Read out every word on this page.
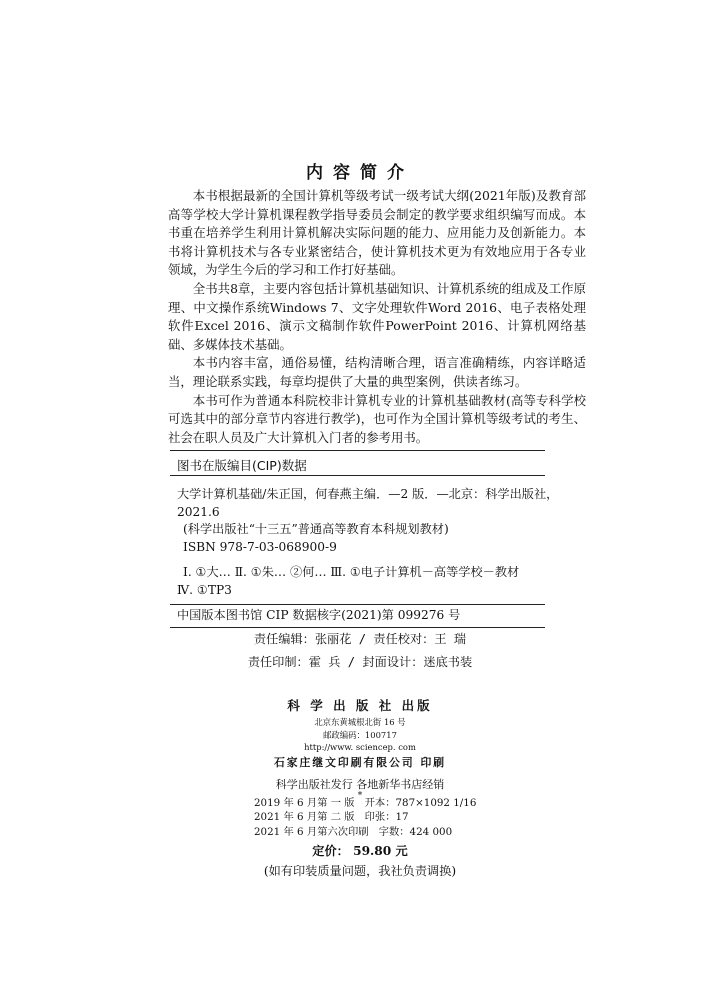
内容简介

本书根据最新的全国计算机等级考试一级考试大纲(2021年版)及教育部高等学校大学计算机课程教学指导委员会制定的教学要求组织编写而成。本书重在培养学生利用计算机解决实际问题的能力、应用能力及创新能力。本书将计算机技术与各专业紧密结合，使计算机技术更为有效地应用于各专业领域，为学生今后的学习和工作打好基础。

全书共8章，主要内容包括计算机基础知识、计算机系统的组成及工作原理、中文操作系统Windows 7、文字处理软件Word 2016、电子表格处理软件Excel 2016、演示文稿制作软件PowerPoint 2016、计算机网络基础、多媒体技术基础。

本书内容丰富，通俗易懂，结构清晰合理，语言准确精练，内容详略适当，理论联系实践，每章均提供了大量的典型案例，供读者练习。

本书可作为普通本科院校非计算机专业的计算机基础教材(高等专科学校可选其中的部分章节内容进行教学)，也可作为全国计算机等级考试的考生、社会在职人员及广大计算机入门者的参考用书。

图书在版编目(CIP)数据
大学计算机基础/朱正国，何春燕主编．—2 版．—北京：科学出版社，
2021.6
(科学出版社“十三五”普通高等教育本科规划教材)
ISBN 978-7-03-068900-9
Ⅰ. ①大… Ⅱ. ①朱… ②何… Ⅲ. ①电子计算机－高等学校－教材
Ⅳ. ①TP3
中国版本图书馆 CIP 数据核字(2021)第 099276 号
责任编辑：张丽花 / 责任校对：王 瑞
责任印制：霍 兵 / 封面设计：迷底书装
科 学 出 版 社 出版
北京东黄城根北街 16 号
邮政编码：100717
http://www. sciencep. com
石家庄继文印刷有限公司 印刷
科学出版社发行 各地新华书店经销
*
2019 年 6 月第 一 版 开本：787×1092 1/16
2021 年 6 月第 二 版 印张：17
2021 年 6 月第六次印刷 字数：424 000
定价： 59.80 元
(如有印装质量问题，我社负责调换)
